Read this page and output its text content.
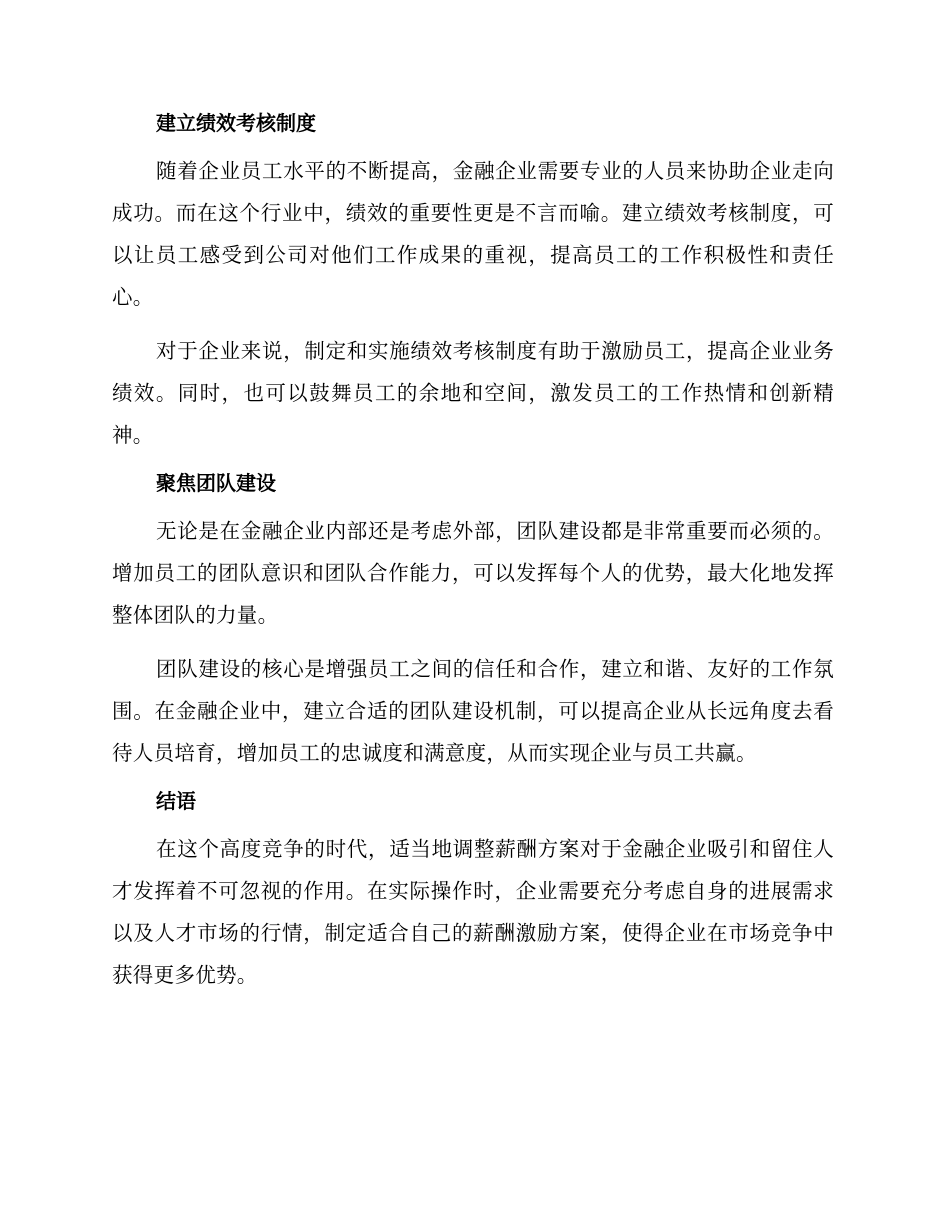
建立绩效考核制度

随着企业员工水平的不断提高，金融企业需要专业的人员来协助企业走向成功。而在这个行业中，绩效的重要性更是不言而喻。建立绩效考核制度，可以让员工感受到公司对他们工作成果的重视，提高员工的工作积极性和责任心。

对于企业来说，制定和实施绩效考核制度有助于激励员工，提高企业业务绩效。同时，也可以鼓舞员工的余地和空间，激发员工的工作热情和创新精神。

聚焦团队建设

无论是在金融企业内部还是考虑外部，团队建设都是非常重要而必须的。增加员工的团队意识和团队合作能力，可以发挥每个人的优势，最大化地发挥整体团队的力量。

团队建设的核心是增强员工之间的信任和合作，建立和谐、友好的工作氛围。在金融企业中，建立合适的团队建设机制，可以提高企业从长远角度去看待人员培育，增加员工的忠诚度和满意度，从而实现企业与员工共赢。

结语

在这个高度竞争的时代，适当地调整薪酬方案对于金融企业吸引和留住人才发挥着不可忽视的作用。在实际操作时，企业需要充分考虑自身的进展需求以及人才市场的行情，制定适合自己的薪酬激励方案，使得企业在市场竞争中获得更多优势。
